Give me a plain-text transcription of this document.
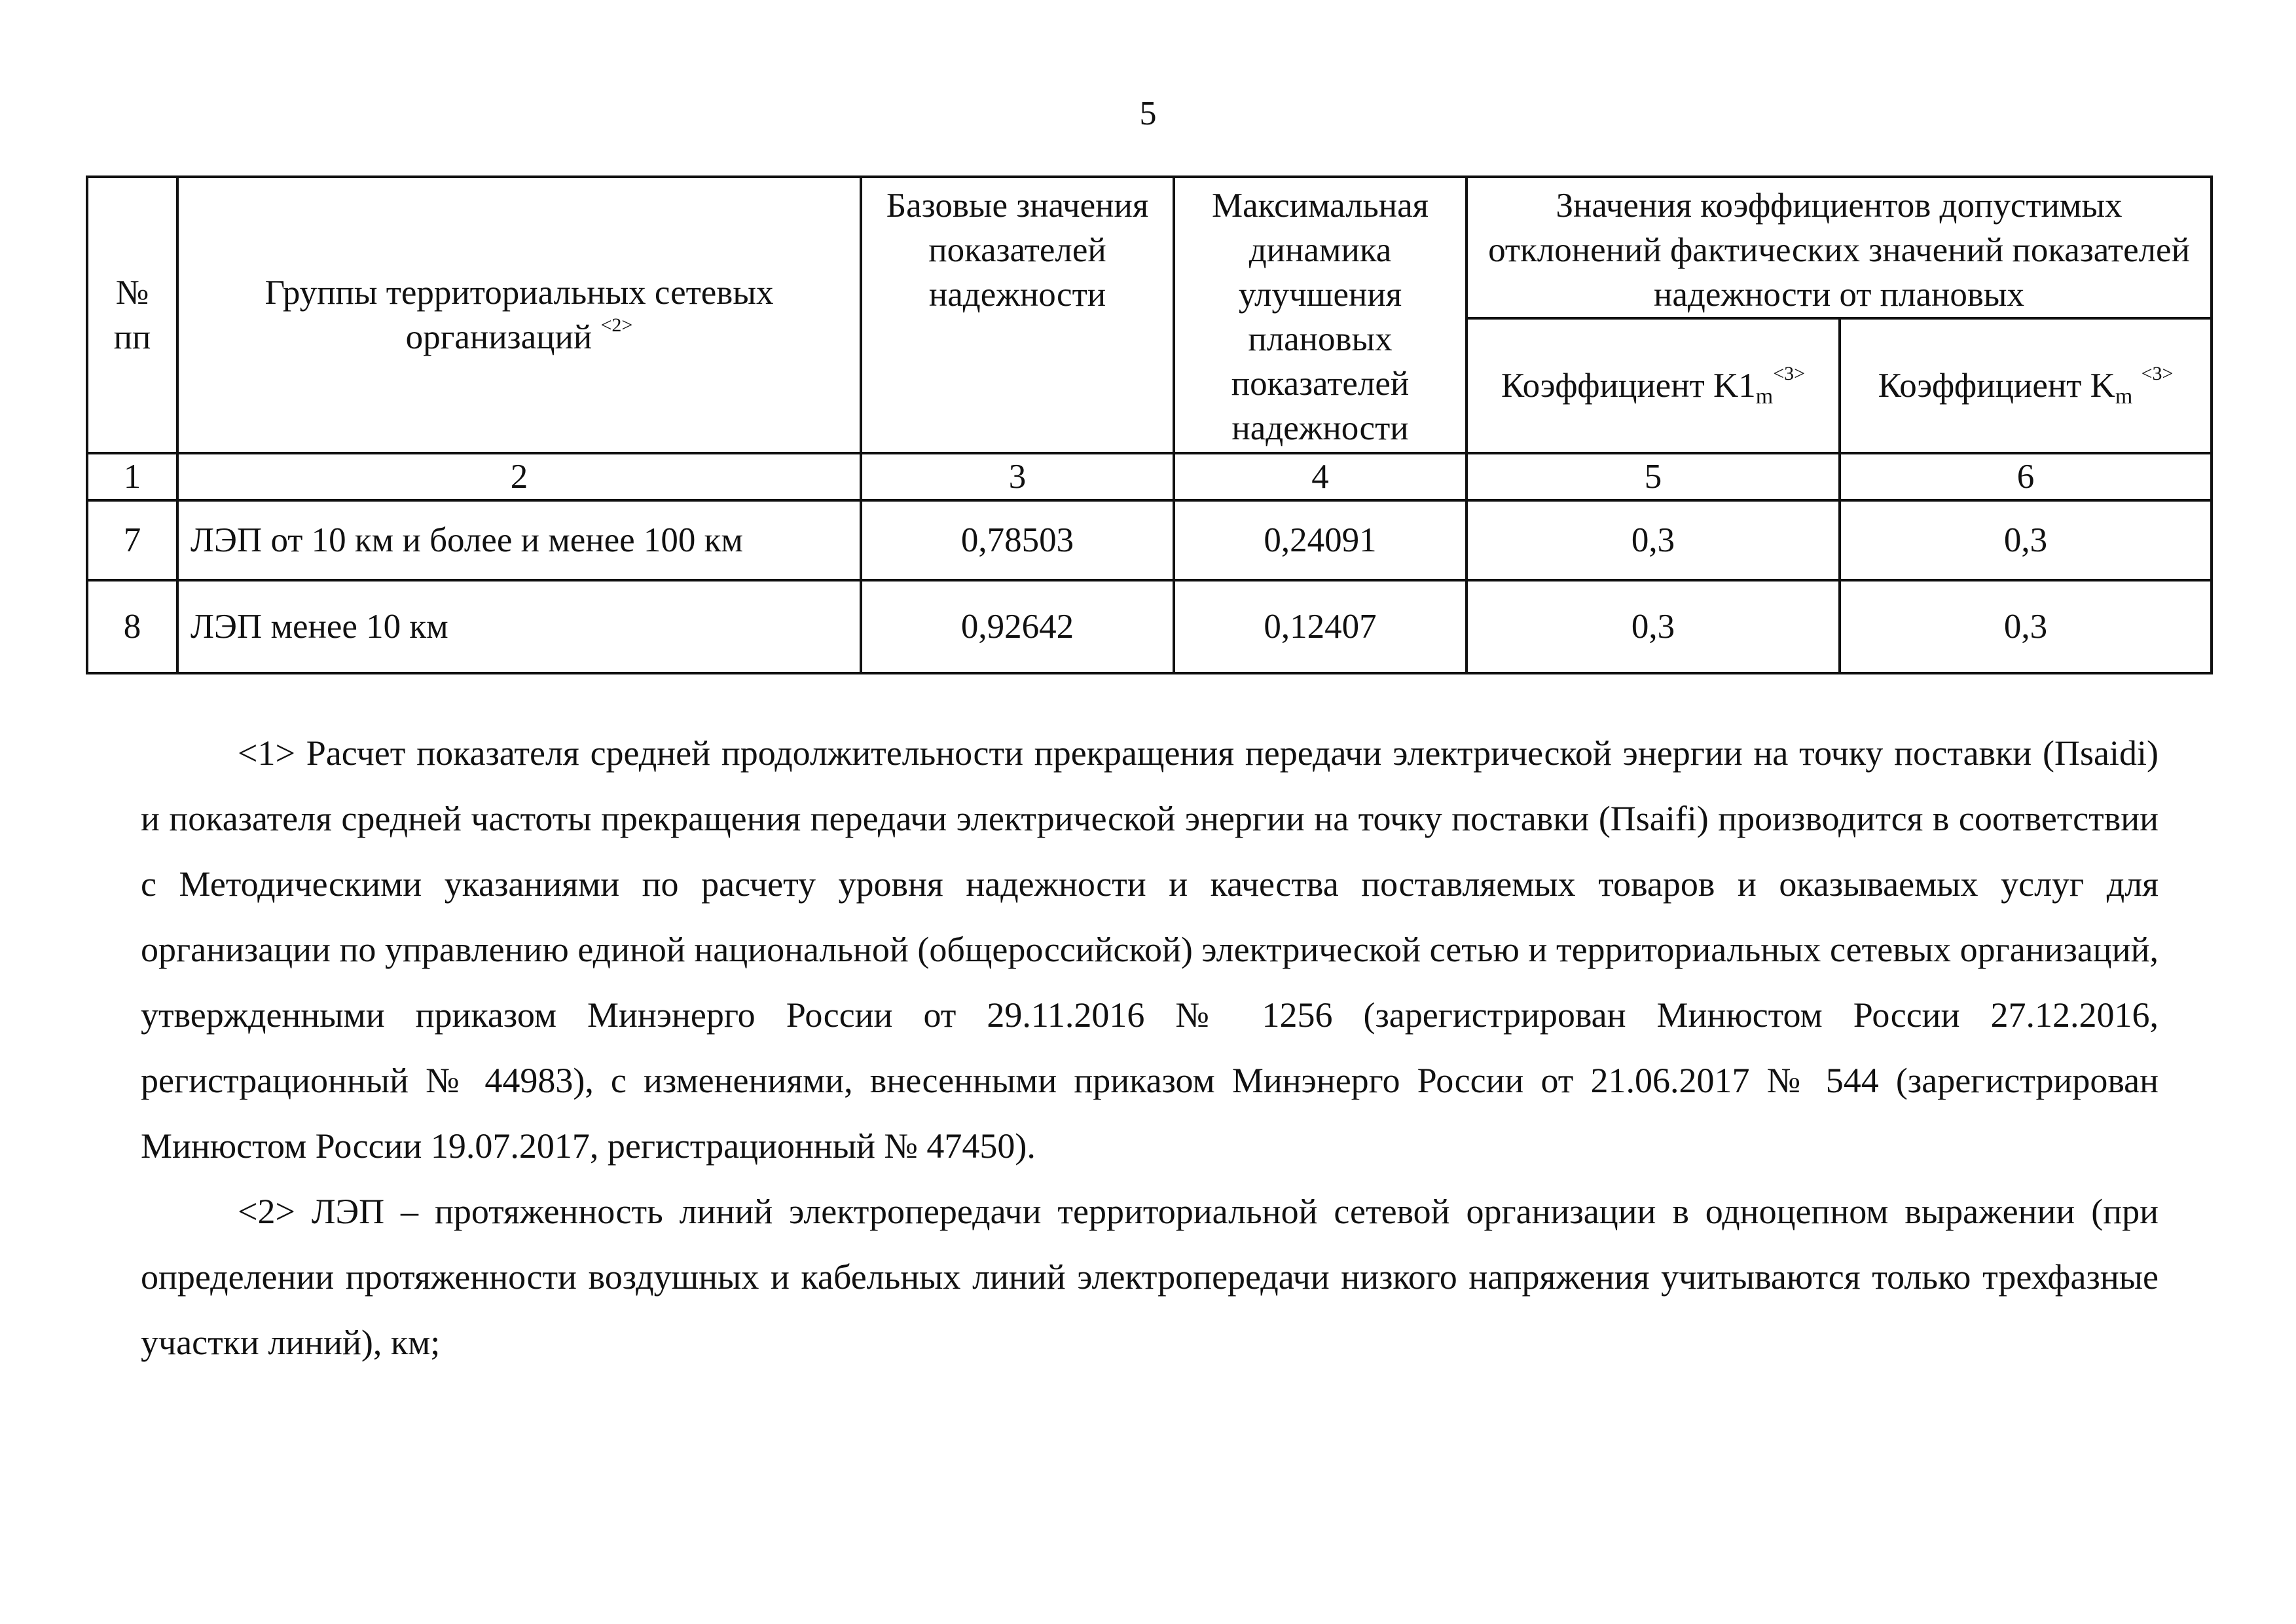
5
№ пп	Группы территориальных сетевых организаций $^{<2>}$	Базовые значения показателей надежности	Максимальная динамика улучшения плановых показателей надежности	Значения коэффициентов допустимых отклонений фактических значений показателей надежности от плановых	
				Коэффициент $K1_m^{<3>}$	Коэффициент $K_m$ $^{<3>}$
1	2	3	4	5	6
7	ЛЭП от 10 км и более и менее 100 км	0,78503	0,24091	0,3	0,3
8	ЛЭП менее 10 км	0,92642	0,12407	0,3	0,3

<1> Расчет показателя средней продолжительности прекращения передачи электрической энергии на точку поставки (Пsaidi) и показателя средней частоты прекращения передачи электрической энергии на точку поставки (Пsaifi) производится в соответствии с Методическими указаниями по расчету уровня надежности и качества поставляемых товаров и оказываемых услуг для организации по управлению единой национальной (общероссийской) электрической сетью и территориальных сетевых организаций, утвержденными приказом Минэнерго России от 29.11.2016 № 1256 (зарегистрирован Минюстом России 27.12.2016, регистрационный № 44983), с изменениями, внесенными приказом Минэнерго России от 21.06.2017 № 544 (зарегистрирован Минюстом России 19.07.2017, регистрационный № 47450).

<2> ЛЭП – протяженность линий электропередачи территориальной сетевой организации в одноцепном выражении (при определении протяженности воздушных и кабельных линий электропередачи низкого напряжения учитываются только трехфазные участки линий), км;
